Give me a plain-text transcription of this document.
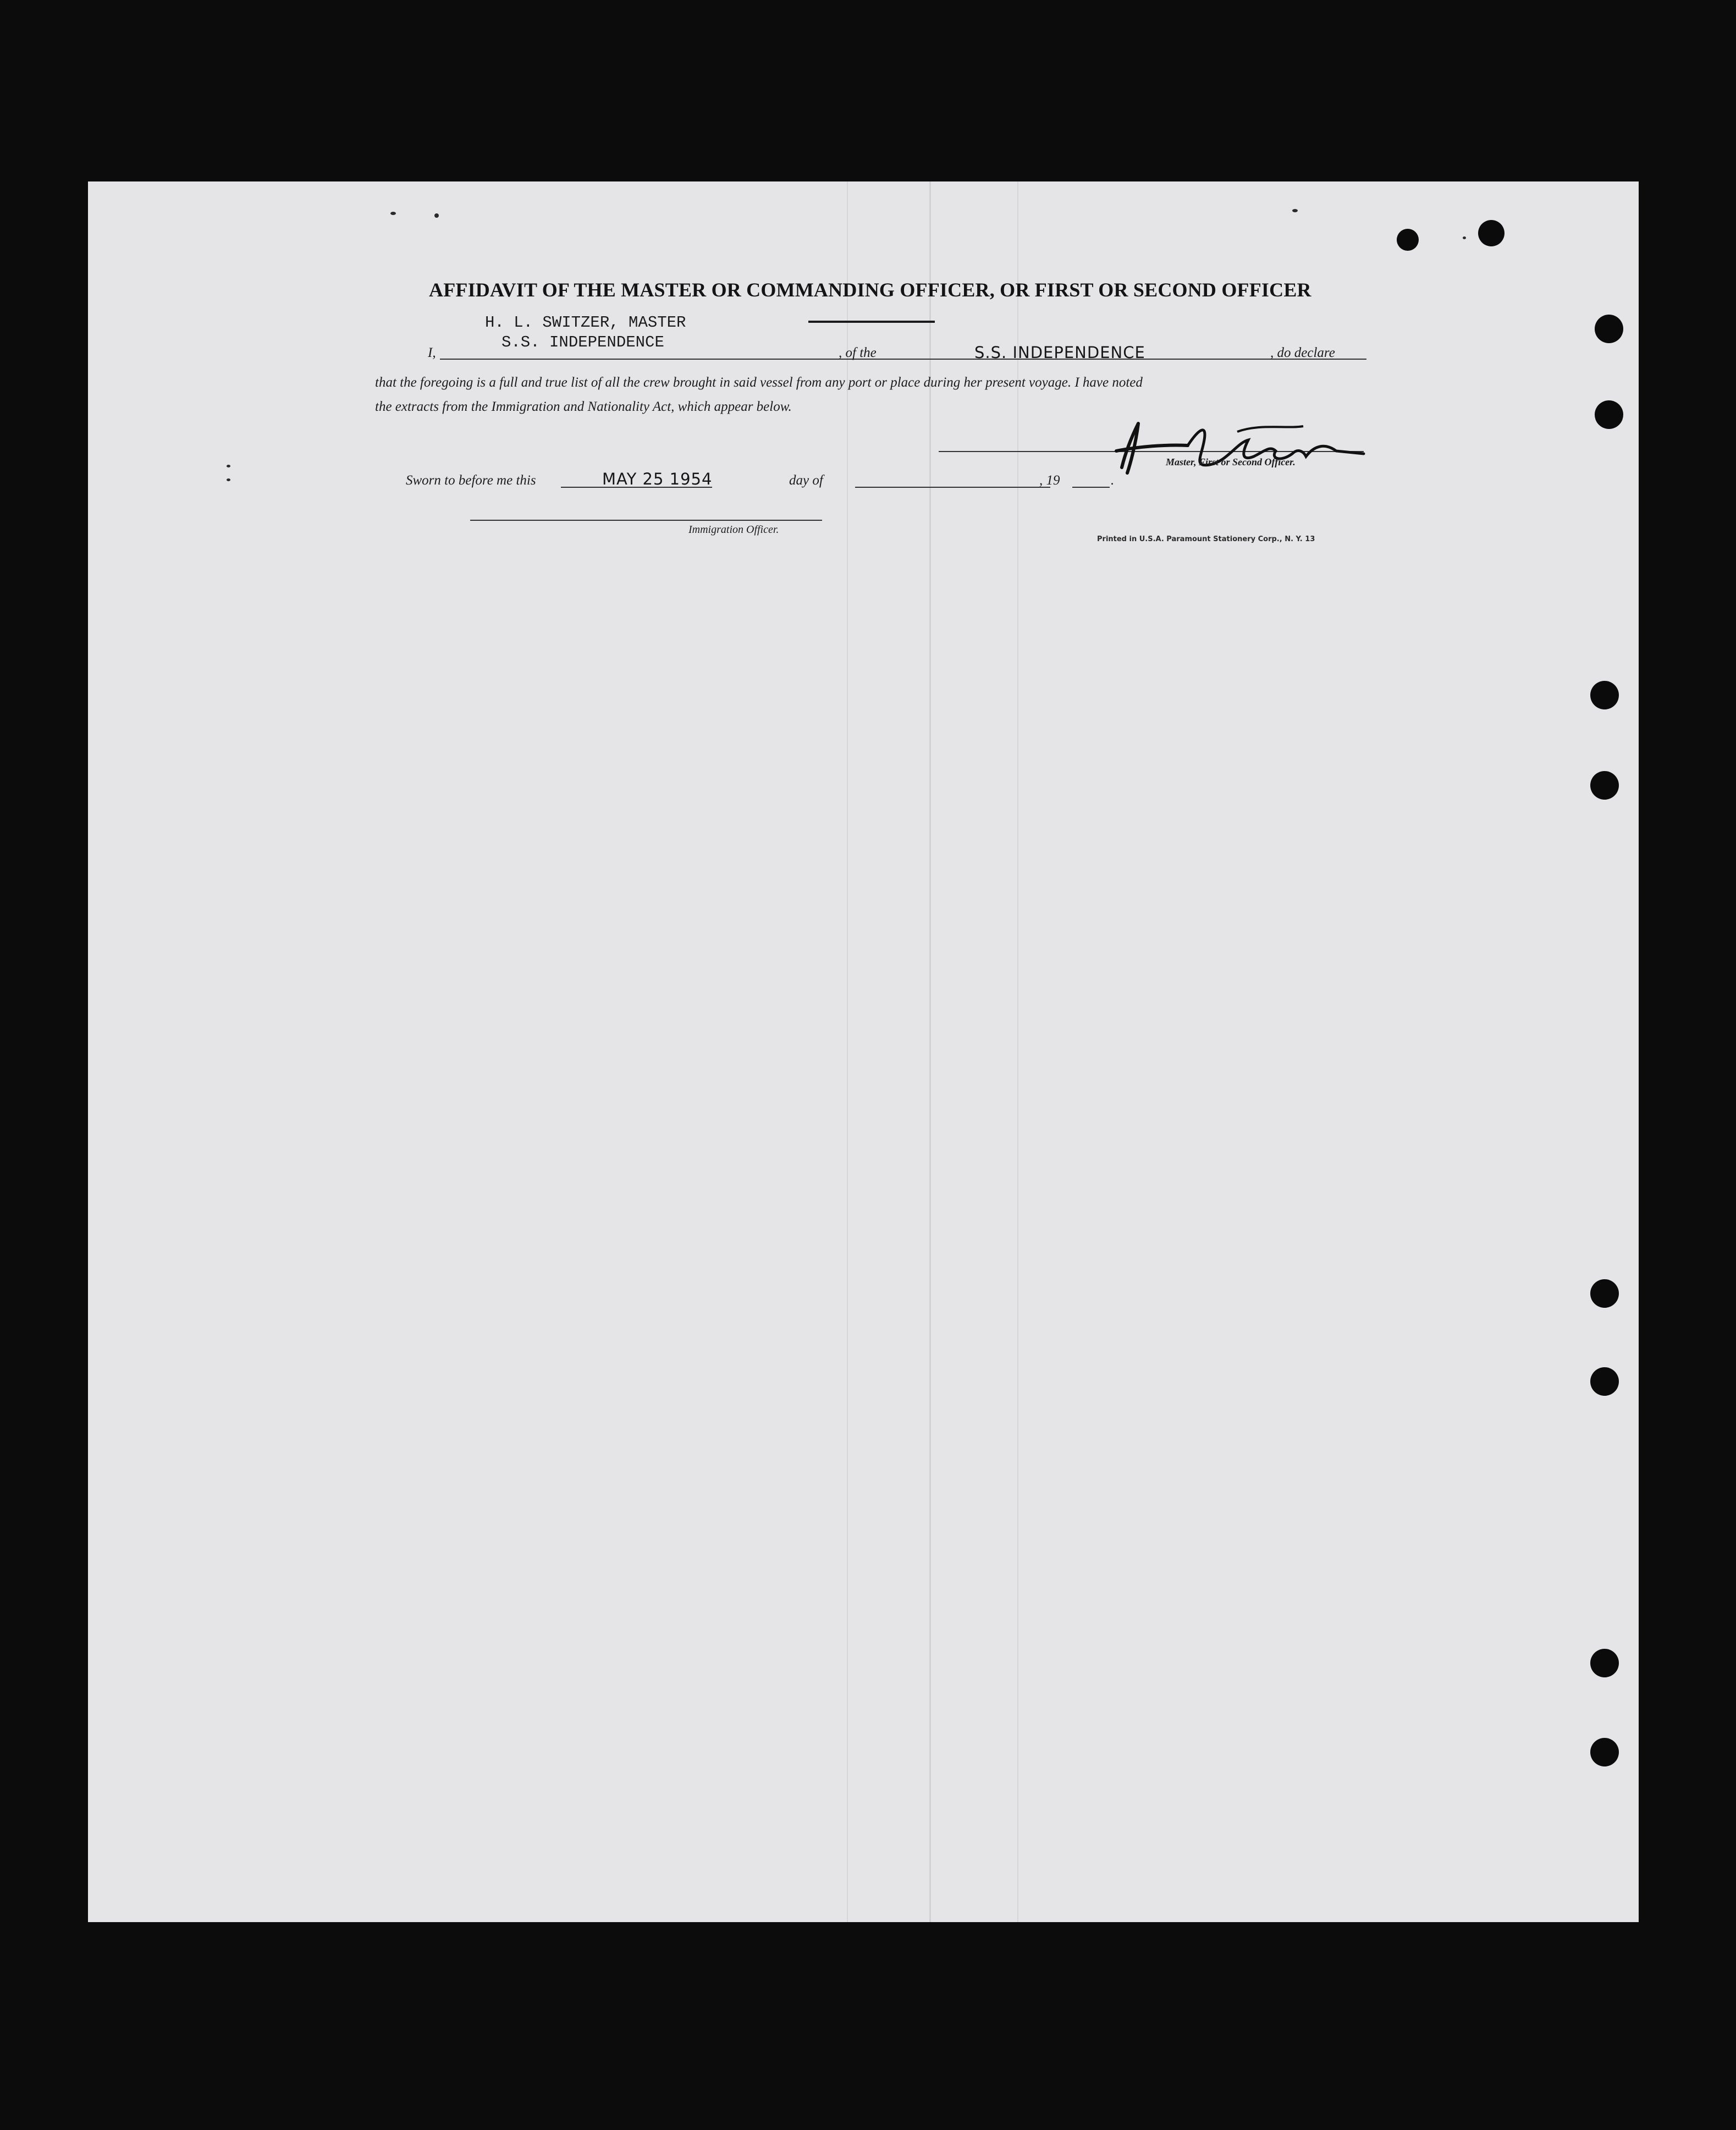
AFFIDAVIT OF THE MASTER OR COMMANDING OFFICER, OR FIRST OR SECOND OFFICER
H. L. SWITZER, MASTER
S.S. INDEPENDENCE
I,	, of the	S.S. INDEPENDENCE	, do declare
that the foregoing is a full and true list of all the crew brought in said vessel from any port or place during her present voyage. I have noted
the extracts from the Immigration and Nationality Act, which appear below.
Master, First or Second Officer.
Sworn to before me this	MAY 25 1954	day of	, 19	.
Immigration Officer.
Printed in U.S.A. Paramount Stationery Corp., N. Y. 13
